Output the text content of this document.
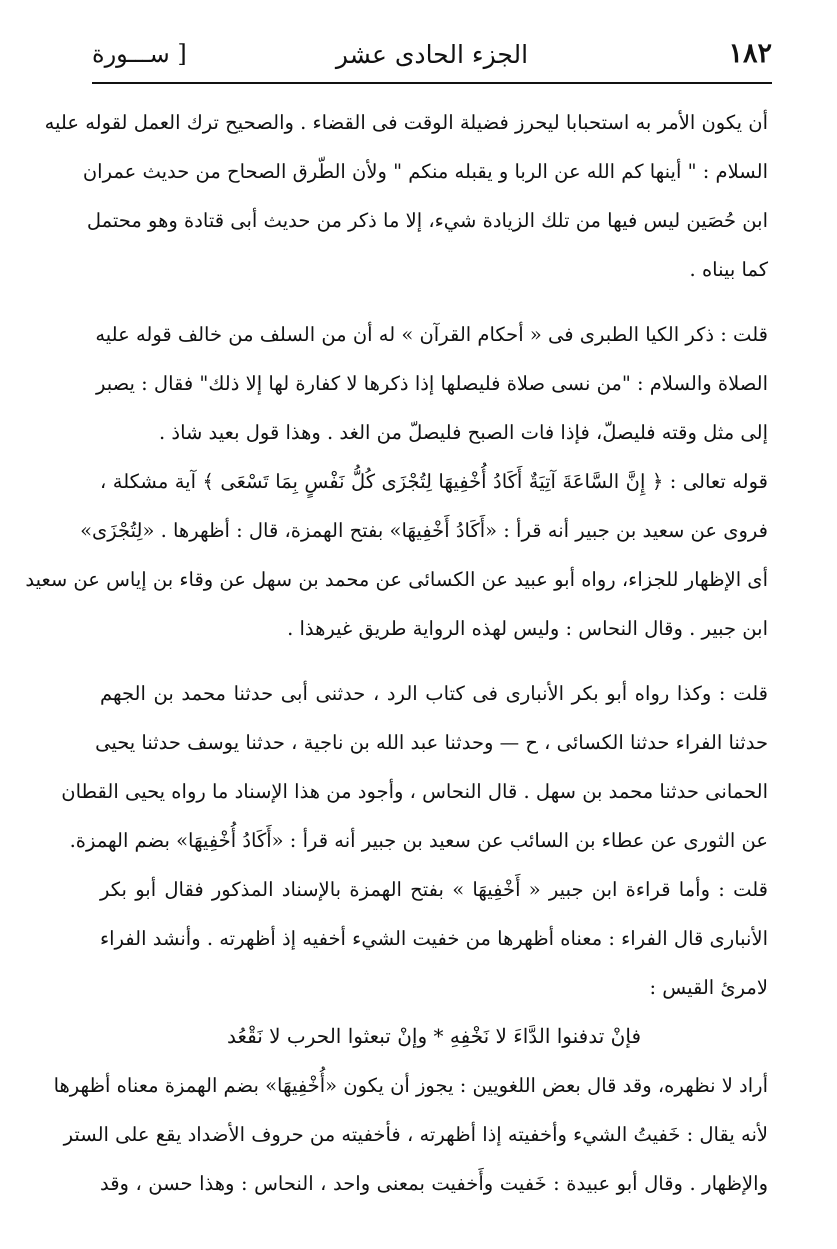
١٨٢
الجزء الحادى عشر
[ ســـورة
أن يكون الأمر به استحبابا ليحرز فضيلة الوقت فى القضاء . والصحيح ترك العمل لقوله عليه
السلام : " أينها كم الله عن الربا و يقبله منكم " ولأن الطّرق الصحاح من حديث عمران
ابن حُصَين ليس فيها من تلك الزيادة شيء، إلا ما ذكر من حديث أبى قتادة وهو محتمل
كما بيناه .
قلت : ذكر الكيا الطبرى فى « أحكام القرآن » له أن من السلف من خالف قوله عليه
الصلاة والسلام : "من نسى صلاة فليصلها إذا ذكرها لا كفارة لها إلا ذلك" فقال : يصبر
إلى مثل وقته فليصلّ، فإذا فات الصبح فليصلّ من الغد . وهذا قول بعيد شاذ .
قوله تعالى : ﴿ إِنَّ السَّاعَةَ آتِيَةٌ أَكَادُ أُخْفِيهَا لِتُجْزَى كُلُّ نَفْسٍ بِمَا تَسْعَى ﴾ آية مشكلة ،
فروى عن سعيد بن جبير أنه قرأ : «أَكَادُ أَخْفِيهَا» بفتح الهمزة، قال : أظهرها . «لِتُجْزَى»
أى الإظهار للجزاء، رواه أبو عبيد عن الكسائى عن محمد بن سهل عن وقاء بن إياس عن سعيد
ابن جبير . وقال النحاس : وليس لهذه الرواية طريق غيرهذا .
قلت : وكذا رواه أبو بكر الأنبارى فى كتاب الرد ، حدثنى أبى حدثنا محمد بن الجهم
حدثنا الفراء حدثنا الكسائى ، ح — وحدثنا عبد الله بن ناجية ، حدثنا يوسف حدثنا يحيى
الحمانى حدثنا محمد بن سهل . قال النحاس ، وأجود من هذا الإسناد ما رواه يحيى القطان
عن الثورى عن عطاء بن السائب عن سعيد بن جبير أنه قرأ : «أَكَادُ أُخْفِيهَا» بضم الهمزة.
قلت : وأما قراءة ابن جبير « أَخْفِيهَا » بفتح الهمزة بالإسناد المذكور فقال أبو بكر
الأنبارى قال الفراء : معناه أظهرها من خفيت الشيء أخفيه إذ أظهرته . وأنشد الفراء
لامرئ القيس :
فإنْ تدفنوا الدَّاءَ لا نَخْفِهِ * وإنْ تبعثوا الحرب لا نَقْعُد
أراد لا نظهره، وقد قال بعض اللغويين : يجوز أن يكون «أُخْفِيهَا» بضم الهمزة معناه أظهرها
لأنه يقال : خَفيتُ الشيء وأخفيته إذا أظهرته ، فأخفيته من حروف الأضداد يقع على الستر
والإظهار . وقال أبو عبيدة : خَفيت وأَخفيت بمعنى واحد ، النحاس : وهذا حسن ، وقد
